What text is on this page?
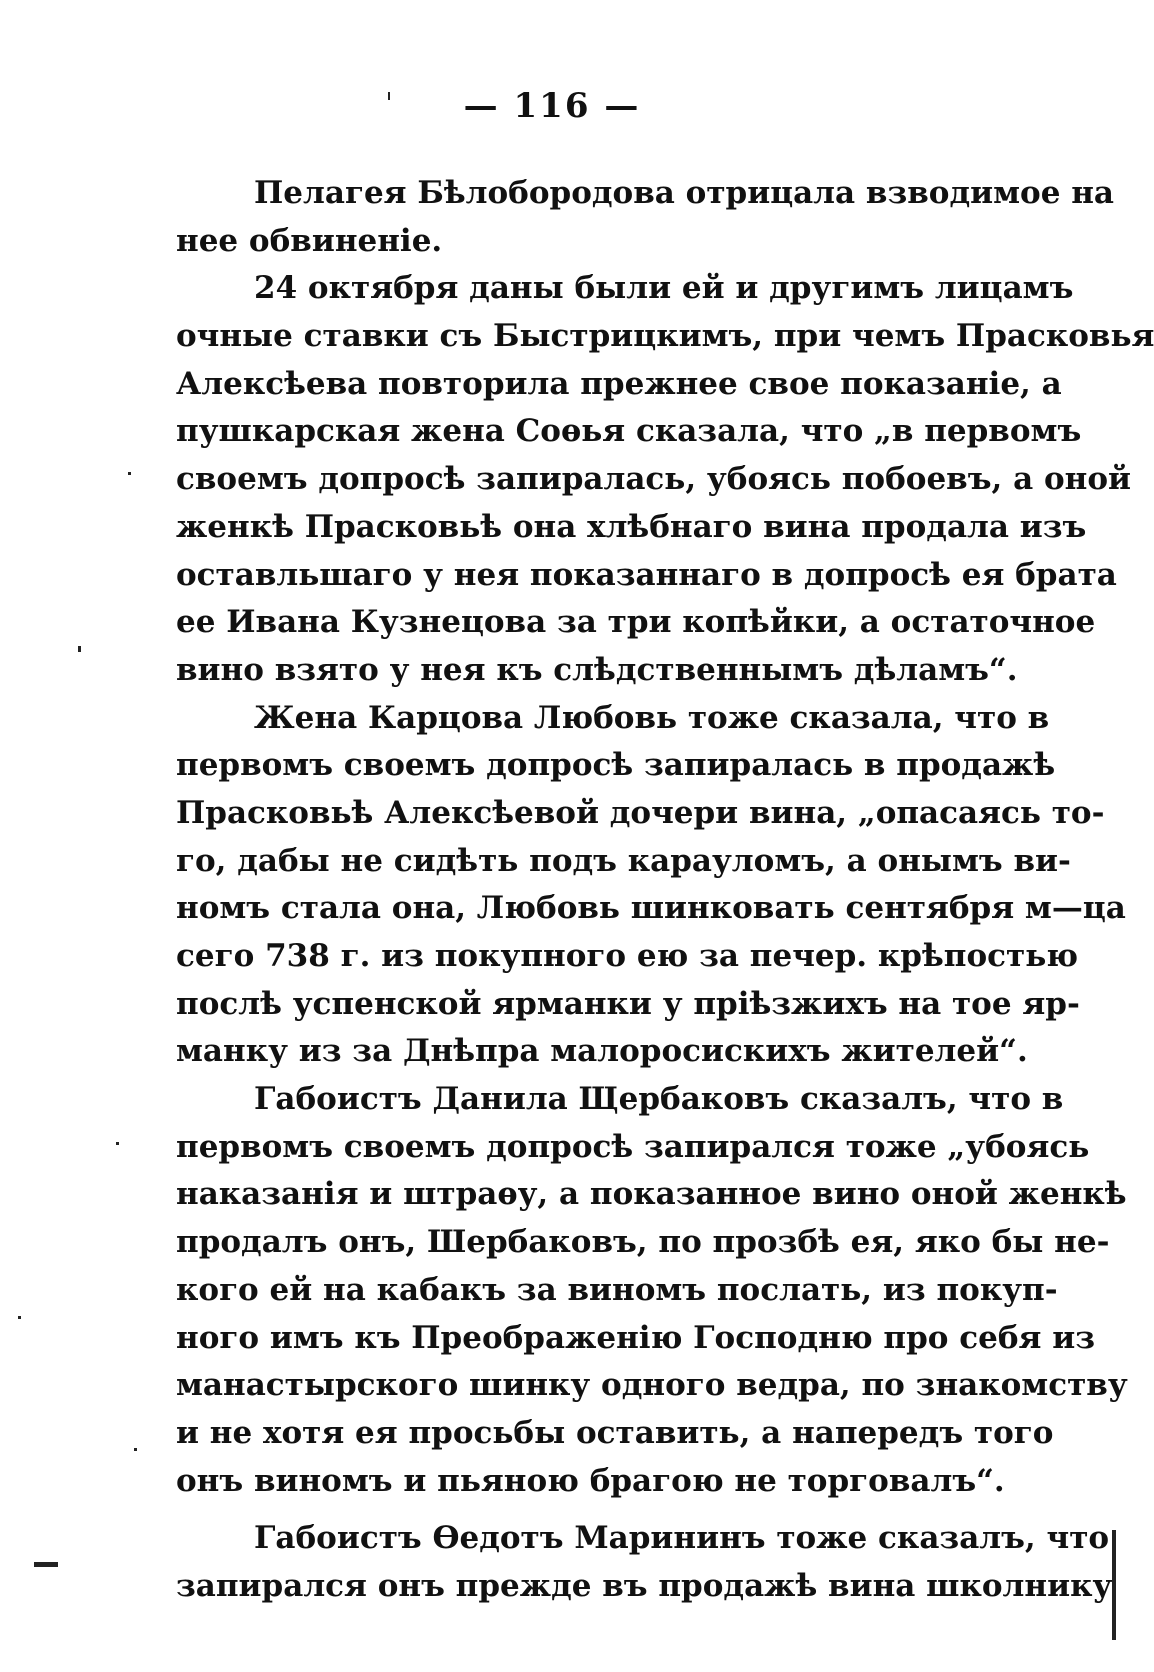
— 116 —
Пелагея Бѣлобородова отрицала взводимое на
нее обвиненіе.
24 октября даны были ей и другимъ лицамъ
очные ставки съ Быстрицкимъ, при чемъ Прасковья
Алексѣева повторила прежнее свое показаніе, а
пушкарская жена Соѳья сказала, что „в первомъ
своемъ допросѣ запиралась, убоясь побоевъ, а оной
женкѣ Прасковьѣ она хлѣбнаго вина продала изъ
оставльшаго у нея показаннаго в допросѣ ея брата
ее Ивана Кузнецова за три копѣйки, а остаточное
вино взято у нея къ слѣдственнымъ дѣламъ“.
Жена Карцова Любовь тоже сказала, что в
первомъ своемъ допросѣ запиралась в продажѣ
Прасковьѣ Алексѣевой дочери вина, „опасаясь то-
го, дабы не сидѣть подъ карауломъ, а онымъ ви-
номъ стала она, Любовь шинковать сентября м—ца
сего 738 г. из покупного ею за печер. крѣпостью
послѣ успенской ярманки у пріѣзжихъ на тое яр-
манку из за Днѣпра малоросискихъ жителей“.
Габоистъ Данила Щербаковъ сказалъ, что в
первомъ своемъ допросѣ запирался тоже „убоясь
наказанія и штраѳу, а показанное вино оной женкѣ
продалъ онъ, Шербаковъ, по прозбѣ ея, яко бы не-
кого ей на кабакъ за виномъ послать, из покуп-
ного имъ къ Преображенію Господню про себя из
манастырского шинку одного ведра, по знакомству
и не хотя ея просьбы оставить, а напередъ того
онъ виномъ и пьяною брагою не торговалъ“.
Габоистъ Ѳедотъ Марининъ тоже сказалъ, что
запирался онъ прежде въ продажѣ вина школнику
